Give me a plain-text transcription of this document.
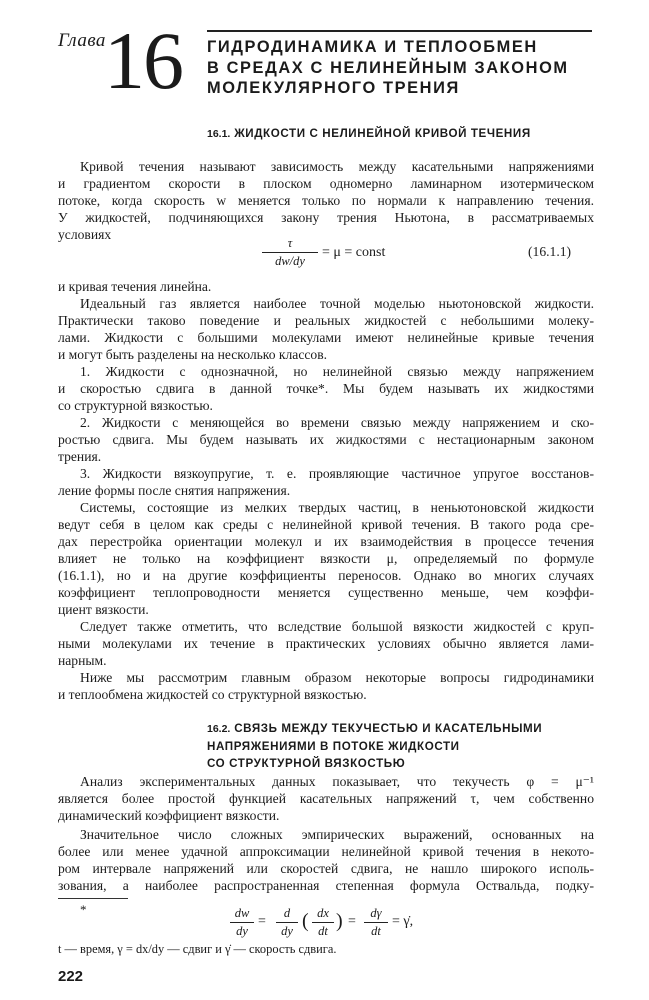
Глава
16 ГИДРОДИНАМИКА И ТЕПЛООБМЕН
В СРЕДАХ С НЕЛИНЕЙНЫМ ЗАКОНОМ
МОЛЕКУЛЯРНОГО ТРЕНИЯ
16.1. ЖИДКОСТИ С НЕЛИНЕЙНОЙ КРИВОЙ ТЕЧЕНИЯ
Кривой течения называют зависимость между касательными напряжениями
и градиентом скорости в плоском одномерно ламинарном изотермическом
потоке, когда скорость w меняется только по нормали к направлению течения.
У жидкостей, подчиняющихся закону трения Ньютона, в рассматриваемых
условиях
τ
dw/dy
= μ = const	(16.1.1)
и кривая течения линейна.
Идеальный газ является наиболее точной моделью ньютоновской жидкости.
Практически таково поведение и реальных жидкостей с небольшими молеку-
лами. Жидкости с большими молекулами имеют нелинейные кривые течения
и могут быть разделены на несколько классов.
1. Жидкости с однозначной, но нелинейной связью между напряжением
и скоростью сдвига в данной точке*. Мы будем называть их жидкостями
со структурной вязкостью.
2. Жидкости с меняющейся во времени связью между напряжением и ско-
ростью сдвига. Мы будем называть их жидкостями с нестационарным законом
трения.
3. Жидкости вязкоупругие, т. е. проявляющие частичное упругое восстанов-
ление формы после снятия напряжения.
Системы, состоящие из мелких твердых частиц, в неньютоновской жидкости
ведут себя в целом как среды с нелинейной кривой течения. В такого рода сре-
дах перестройка ориентации молекул и их взаимодействия в процессе течения
влияет не только на коэффициент вязкости μ, определяемый по формуле
(16.1.1), но и на другие коэффициенты переносов. Однако во многих случаях
коэффициент теплопроводности меняется существенно меньше, чем коэффи-
циент вязкости.
Следует также отметить, что вследствие большой вязкости жидкостей с круп-
ными молекулами их течение в практических условиях обычно является лами-
нарным.
Ниже мы рассмотрим главным образом некоторые вопросы гидродинамики
и теплообмена жидкостей со структурной вязкостью.
16.2. СВЯЗЬ МЕЖДУ ТЕКУЧЕСТЬЮ И КАСАТЕЛЬНЫМИ
НАПРЯЖЕНИЯМИ В ПОТОКЕ ЖИДКОСТИ
СО СТРУКТУРНОЙ ВЯЗКОСТЬЮ
Анализ экспериментальных данных показывает, что текучесть φ = μ⁻¹
является более простой функцией касательных напряжений τ, чем собственно
динамический коэффициент вязкости.
Значительное число сложных эмпирических выражений, основанных на
более или менее удачной аппроксимации нелинейной кривой течения в некото-
ром интервале напряжений или скоростей сдвига, не нашло широкого исполь-
зования, а наиболее распространенная степенная формула Оствальда, подку-
*	dw
dy
=
d
dy ( dx
dt ) =
dγ
dt
= γ̇,
t — время, γ = dx/dy — сдвиг и γ̇ — скорость сдвига.
222
